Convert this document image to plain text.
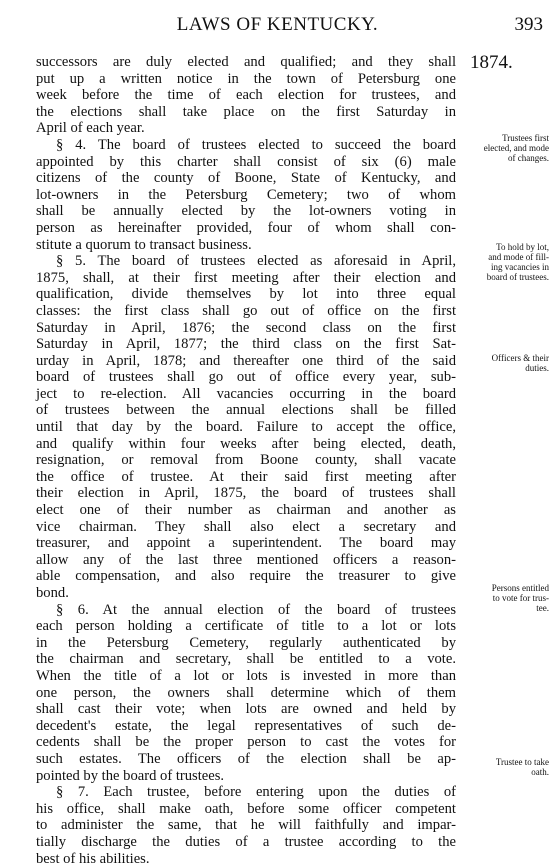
LAWS OF KENTUCKY.	393
1874.
successors are duly elected and qualified; and they shall
put up a written notice in the town of Petersburg one
week before the time of each election for trustees, and
the elections shall take place on the first Saturday in
April of each year.
§ 4. The board of trustees elected to succeed the board
appointed by this charter shall consist of six (6) male
citizens of the county of Boone, State of Kentucky, and
lot-owners in the Petersburg Cemetery; two of whom
shall be annually elected by the lot-owners voting in
person as hereinafter provided, four of whom shall con-
stitute a quorum to transact business.
§ 5. The board of trustees elected as aforesaid in April,
1875, shall, at their first meeting after their election and
qualification, divide themselves by lot into three equal
classes: the first class shall go out of office on the first
Saturday in April, 1876; the second class on the first
Saturday in April, 1877; the third class on the first Sat-
urday in April, 1878; and thereafter one third of the said
board of trustees shall go out of office every year, sub-
ject to re-election. All vacancies occurring in the board
of trustees between the annual elections shall be filled
until that day by the board. Failure to accept the office,
and qualify within four weeks after being elected, death,
resignation, or removal from Boone county, shall vacate
the office of trustee. At their said first meeting after
their election in April, 1875, the board of trustees shall
elect one of their number as chairman and another as
vice chairman. They shall also elect a secretary and
treasurer, and appoint a superintendent. The board may
allow any of the last three mentioned officers a reason-
able compensation, and also require the treasurer to give
bond.
§ 6. At the annual election of the board of trustees
each person holding a certificate of title to a lot or lots
in the Petersburg Cemetery, regularly authenticated by
the chairman and secretary, shall be entitled to a vote.
When the title of a lot or lots is invested in more than
one person, the owners shall determine which of them
shall cast their vote; when lots are owned and held by
decedent's estate, the legal representatives of such de-
cedents shall be the proper person to cast the votes for
such estates. The officers of the election shall be ap-
pointed by the board of trustees.
§ 7. Each trustee, before entering upon the duties of
his office, shall make oath, before some officer competent
to administer the same, that he will faithfully and impar-
tially discharge the duties of a trustee according to the
best of his abilities.
Trustees first
elected, and mode
of changes.
To hold by lot,
and mode of fill-
ing vacancies in
board of trustees.
Officers & their
duties.
Persons entitled
to vote for trus-
tee.
Trustee to take
oath.
